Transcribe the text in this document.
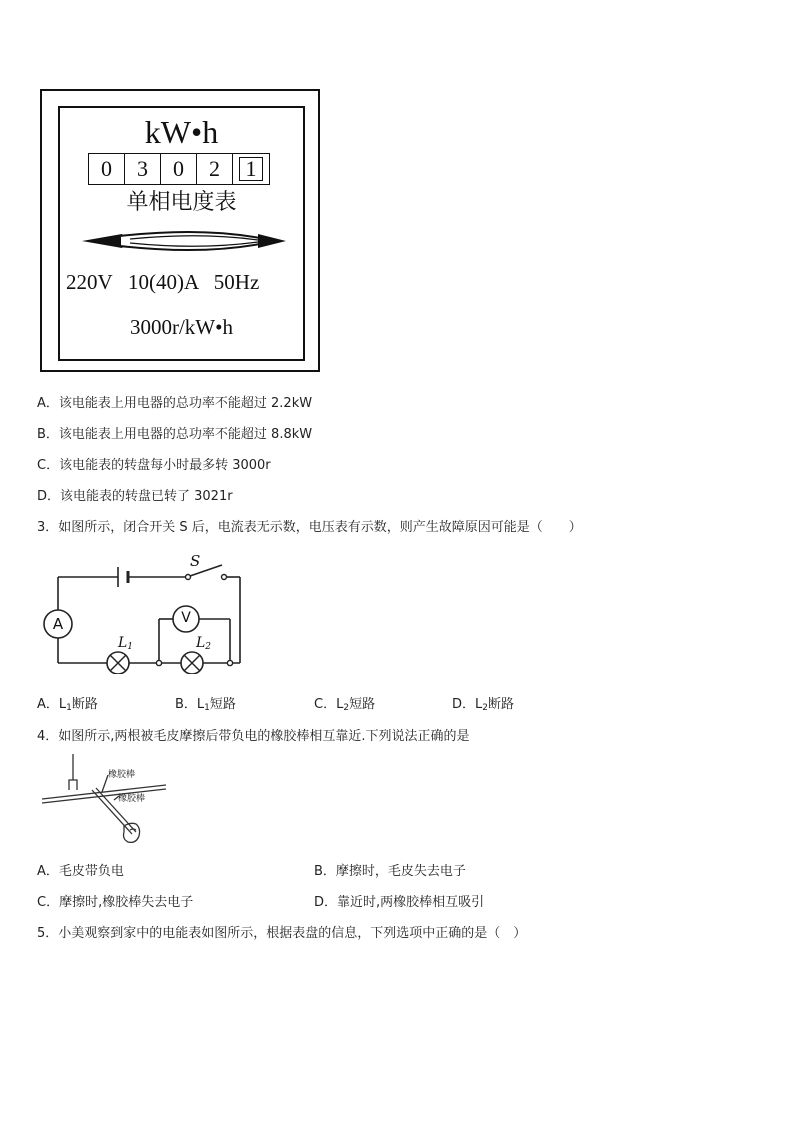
kW•h
0	3	0	2	1
单相电度表
220V   10(40)A   50Hz
3000r/kW•h
A．该电能表上用电器的总功率不能超过 2.2kW
B．该电能表上用电器的总功率不能超过 8.8kW
C．该电能表的转盘每小时最多转 3000r
D．该电能表的转盘已转了 3021r
3．如图所示，闭合开关 S 后，电流表无示数，电压表有示数，则产生故障原因可能是（　　）
S
A	V
$L_1$	$L_2$
A．$L_1$断路	B．$L_1$短路	C．$L_2$短路	D．$L_2$断路
4．如图所示,两根被毛皮摩擦后带负电的橡胶棒相互靠近.下列说法正确的是
橡胶棒
橡胶棒
A．毛皮带负电	B．摩擦时，毛皮失去电子
C．摩擦时,橡胶棒失去电子	D．靠近时,两橡胶棒相互吸引
5．小美观察到家中的电能表如图所示，根据表盘的信息，下列选项中正确的是（　）
